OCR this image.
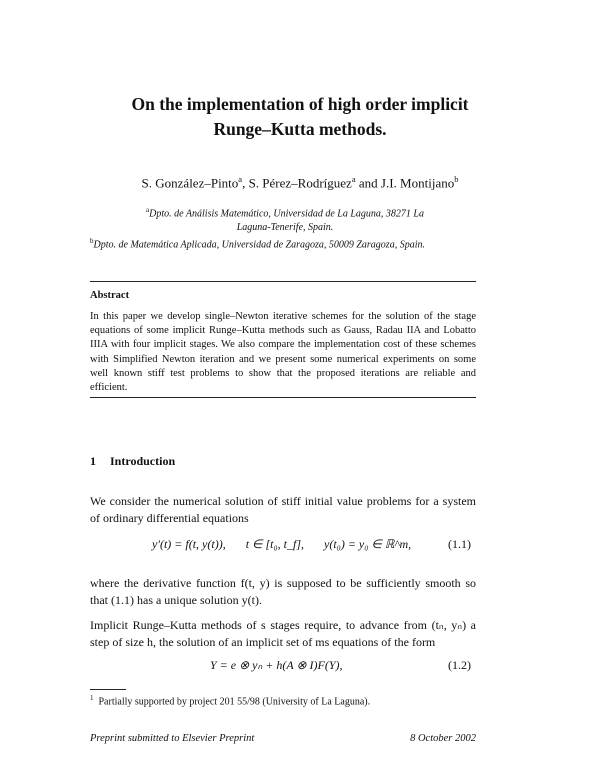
On the implementation of high order implicit
Runge–Kutta methods.
S. González–Pinto$^a$, S. Pérez–Rodríguez$^a$ and J.I. Montijano$^b$
$^a$Dpto. de Análisis Matemático, Universidad de La Laguna, 38271 La
Laguna-Tenerife, Spain.
$^b$Dpto. de Matemática Aplicada, Universidad de Zaragoza, 50009 Zaragoza, Spain.
Abstract
In this paper we develop single–Newton iterative schemes for the solution of the stage equations of some implicit Runge–Kutta methods such as Gauss, Radau IIA and Lobatto IIIA with four implicit stages. We also compare the implementation cost of these schemes with Simplified Newton iteration and we present some numerical experiments on some well known stiff test problems to show that the proposed iterations are reliable and efficient.
1 Introduction
We consider the numerical solution of stiff initial value problems for a system of ordinary differential equations
y′(t) = f(t, y(t)), t ∈ [t₀, t_f], y(t₀) = y₀ ∈ ℝ^m,	(1.1)
where the derivative function f(t, y) is supposed to be sufficiently smooth so that (1.1) has a unique solution y(t).
Implicit Runge–Kutta methods of s stages require, to advance from (tₙ, yₙ) a step of size h, the solution of an implicit set of ms equations of the form
Y = e ⊗ yₙ + h(A ⊗ I)F(Y),	(1.2)
$^1$ Partially supported by project 201 55/98 (University of La Laguna).
Preprint submitted to Elsevier Preprint	8 October 2002
